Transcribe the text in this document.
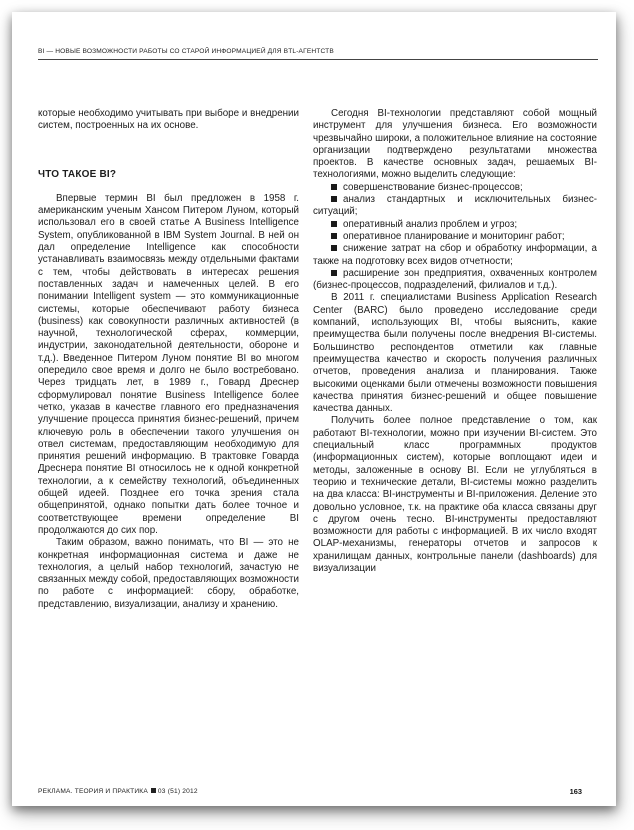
BI — НОВЫЕ ВОЗМОЖНОСТИ РАБОТЫ СО СТАРОЙ ИНФОРМАЦИЕЙ ДЛЯ BTL-АГЕНТСТВ

которые необходимо учитывать при выборе и внедрении систем, построенных на их основе.

ЧТО ТАКОЕ BI?

Впервые термин BI был предложен в 1958 г. американским ученым Хансом Питером Луном, который использовал его в своей статье A Business Intelligence System, опубликованной в IBM System Journal. В ней он дал определение Intelligence как способности устанавливать взаимосвязь между отдельными фактами с тем, чтобы действовать в интересах решения поставленных задач и намеченных целей. В его понимании Intelligent system — это коммуникационные системы, которые обеспечивают работу бизнеса (business) как совокупности различных активностей (в научной, технологической сферах, коммерции, индустрии, законодательной деятельности, обороне и т.д.). Введенное Питером Луном понятие BI во многом опередило свое время и долго не было востребовано. Через тридцать лет, в 1989 г., Говард Дреснер сформулировал понятие Business Intelligence более четко, указав в качестве главного его предназначения улучшение процесса принятия бизнес-решений, причем ключевую роль в обеспечении такого улучшения он отвел системам, предоставляющим необходимую для принятия решений информацию. В трактовке Говарда Дреснера понятие BI относилось не к одной конкретной технологии, а к семейству технологий, объединенных общей идеей. Позднее его точка зрения стала общепринятой, однако попытки дать более точное и соответствующее времени определение BI продолжаются до сих пор.

Таким образом, важно понимать, что BI — это не конкретная информационная система и даже не технология, а целый набор технологий, зачастую не связанных между собой, предоставляющих возможности по работе с информацией: сбору, обработке, представлению, визуализации, анализу и хранению.

Сегодня BI-технологии представляют собой мощный инструмент для улучшения бизнеса. Его возможности чрезвычайно широки, а положительное влияние на состояние организации подтверждено результатами множества проектов. В качестве основных задач, решаемых BI-технологиями, можно выделить следующие:

совершенствование бизнес-процессов;

анализ стандартных и исключительных бизнес-ситуаций;

оперативный анализ проблем и угроз;

оперативное планирование и мониторинг работ;

снижение затрат на сбор и обработку информации, а также на подготовку всех видов отчетности;

расширение зон предприятия, охваченных контролем (бизнес-процессов, подразделений, филиалов и т.д.).

В 2011 г. специалистами Business Application Research Center (BARC) было проведено исследование среди компаний, использующих BI, чтобы выяснить, какие преимущества были получены после внедрения BI-системы. Большинство респондентов отметили как главные преимущества качество и скорость получения различных отчетов, проведения анализа и планирования. Также высокими оценками были отмечены возможности повышения качества принятия бизнес-решений и общее повышение качества данных.

Получить более полное представление о том, как работают BI-технологии, можно при изучении BI-систем. Это специальный класс программных продуктов (информационных систем), которые воплощают идеи и методы, заложенные в основу BI. Если не углубляться в теорию и технические детали, BI-системы можно разделить на два класса: BI-инструменты и BI-приложения. Деление это довольно условное, т.к. на практике оба класса связаны друг с другом очень тесно. BI-инструменты предоставляют возможности для работы с информацией. В их число входят OLAP-механизмы, генераторы отчетов и запросов к хранилищам данных, контрольные панели (dashboards) для визуализации

РЕКЛАМА. ТЕОРИЯ И ПРАКТИКА 03 (51) 2012	163
